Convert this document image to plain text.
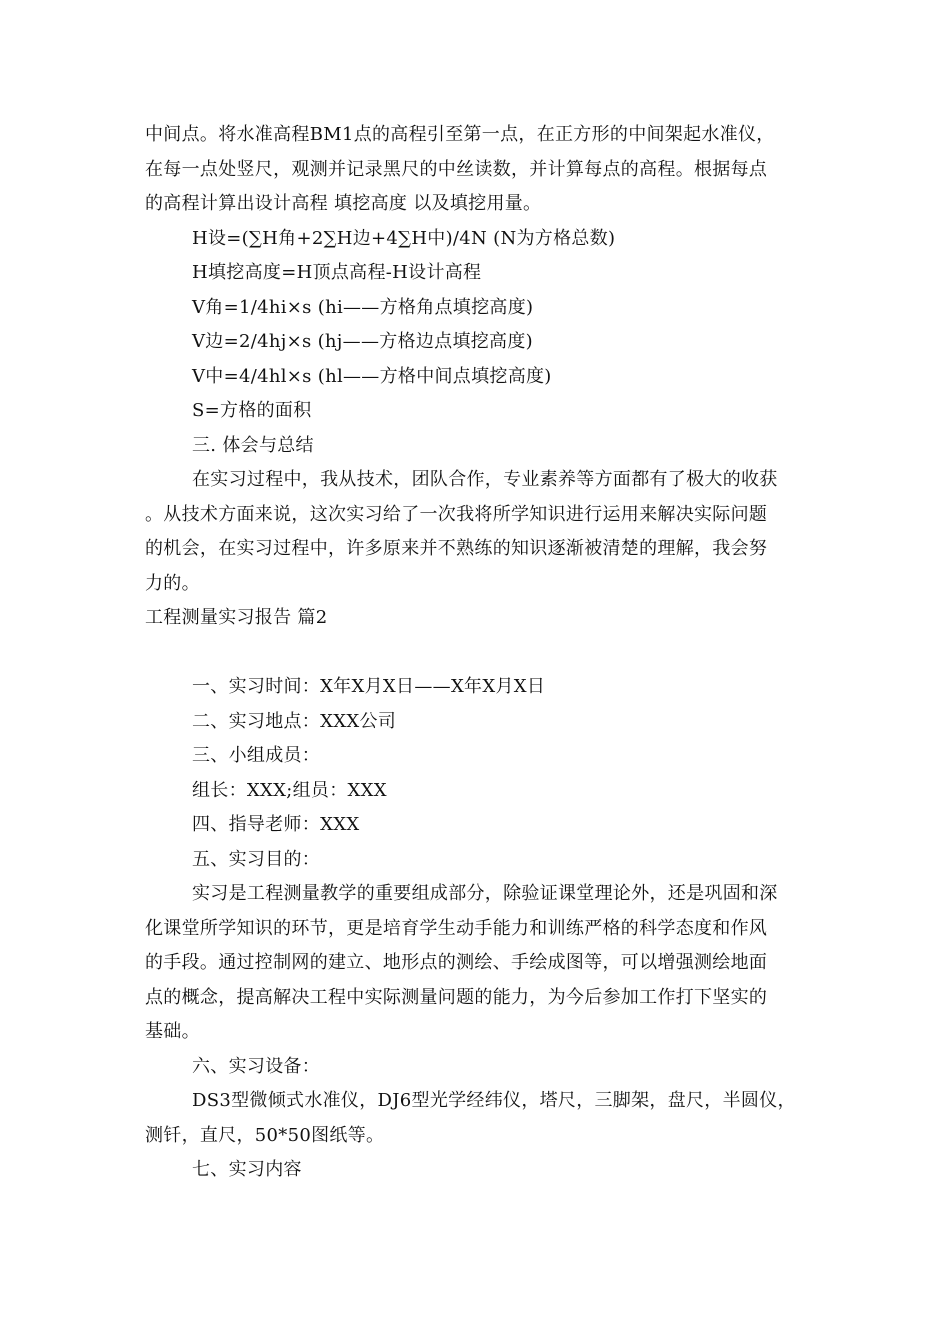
中间点。将水准高程BM1点的高程引至第一点，在正方形的中间架起水准仪，
在每一点处竖尺，观测并记录黑尺的中丝读数，并计算每点的高程。根据每点
的高程计算出设计高程 填挖高度 以及填挖用量。
H设=(∑H角+2∑H边+4∑H中)/4N (N为方格总数)
H填挖高度=H顶点高程-H设计高程
V角=1/4hi×s (hi——方格角点填挖高度)
V边=2/4hj×s (hj——方格边点填挖高度)
V中=4/4hl×s (hl——方格中间点填挖高度)
S=方格的面积
三. 体会与总结
在实习过程中，我从技术，团队合作，专业素养等方面都有了极大的收获
。从技术方面来说，这次实习给了一次我将所学知识进行运用来解决实际问题
的机会，在实习过程中，许多原来并不熟练的知识逐渐被清楚的理解，我会努
力的。
工程测量实习报告 篇2
一、实习时间：X年X月X日——X年X月X日
二、实习地点：XXX公司
三、小组成员：
组长：XXX;组员：XXX
四、指导老师：XXX
五、实习目的：
实习是工程测量教学的重要组成部分，除验证课堂理论外，还是巩固和深
化课堂所学知识的环节，更是培育学生动手能力和训练严格的科学态度和作风
的手段。通过控制网的建立、地形点的测绘、手绘成图等，可以增强测绘地面
点的概念，提高解决工程中实际测量问题的能力，为今后参加工作打下坚实的
基础。
六、实习设备：
DS3型微倾式水准仪，DJ6型光学经纬仪，塔尺，三脚架，盘尺，半圆仪，
测钎，直尺，50*50图纸等。
七、实习内容
